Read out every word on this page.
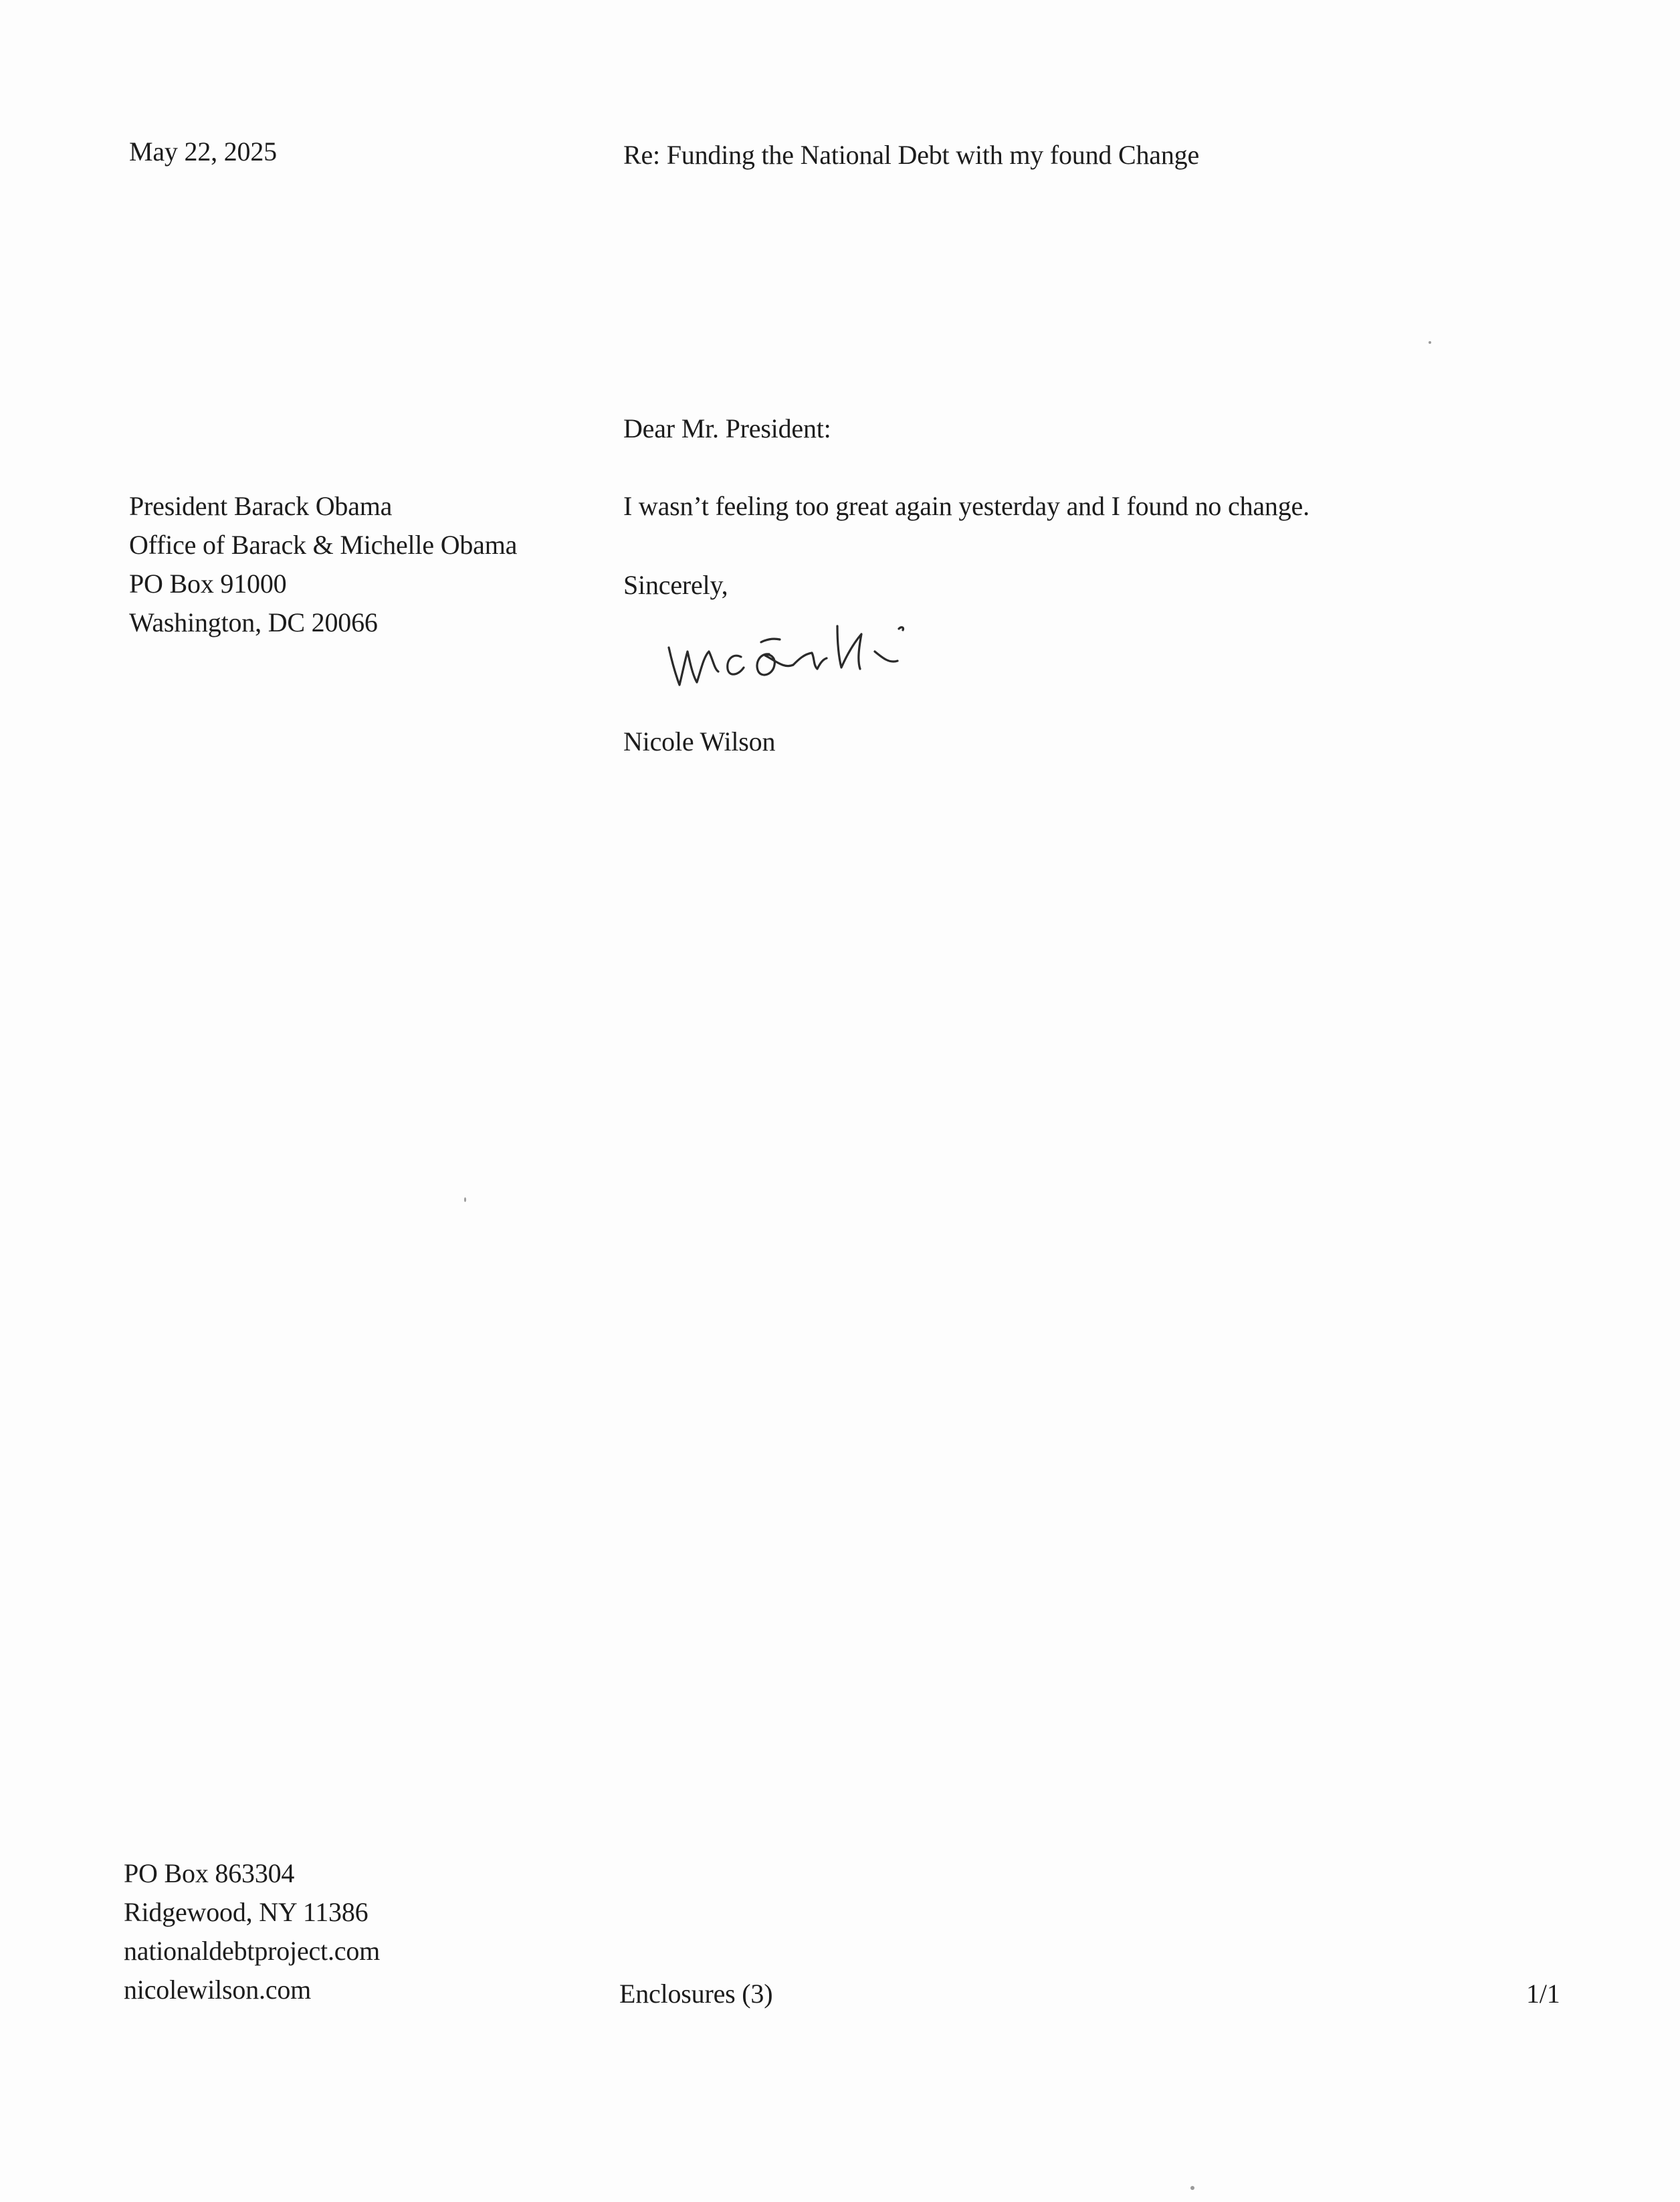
May 22, 2025	Re: Funding the National Debt with my found Change
Dear Mr. President:
President Barack Obama
Office of Barack & Michelle Obama
PO Box 91000
Washington, DC 20066
I wasn’t feeling too great again yesterday and I found no change.
Sincerely,
Nicole Wilson
PO Box 863304
Ridgewood, NY 11386
nationaldebtproject.com
nicolewilson.com	Enclosures (3)	1/1
